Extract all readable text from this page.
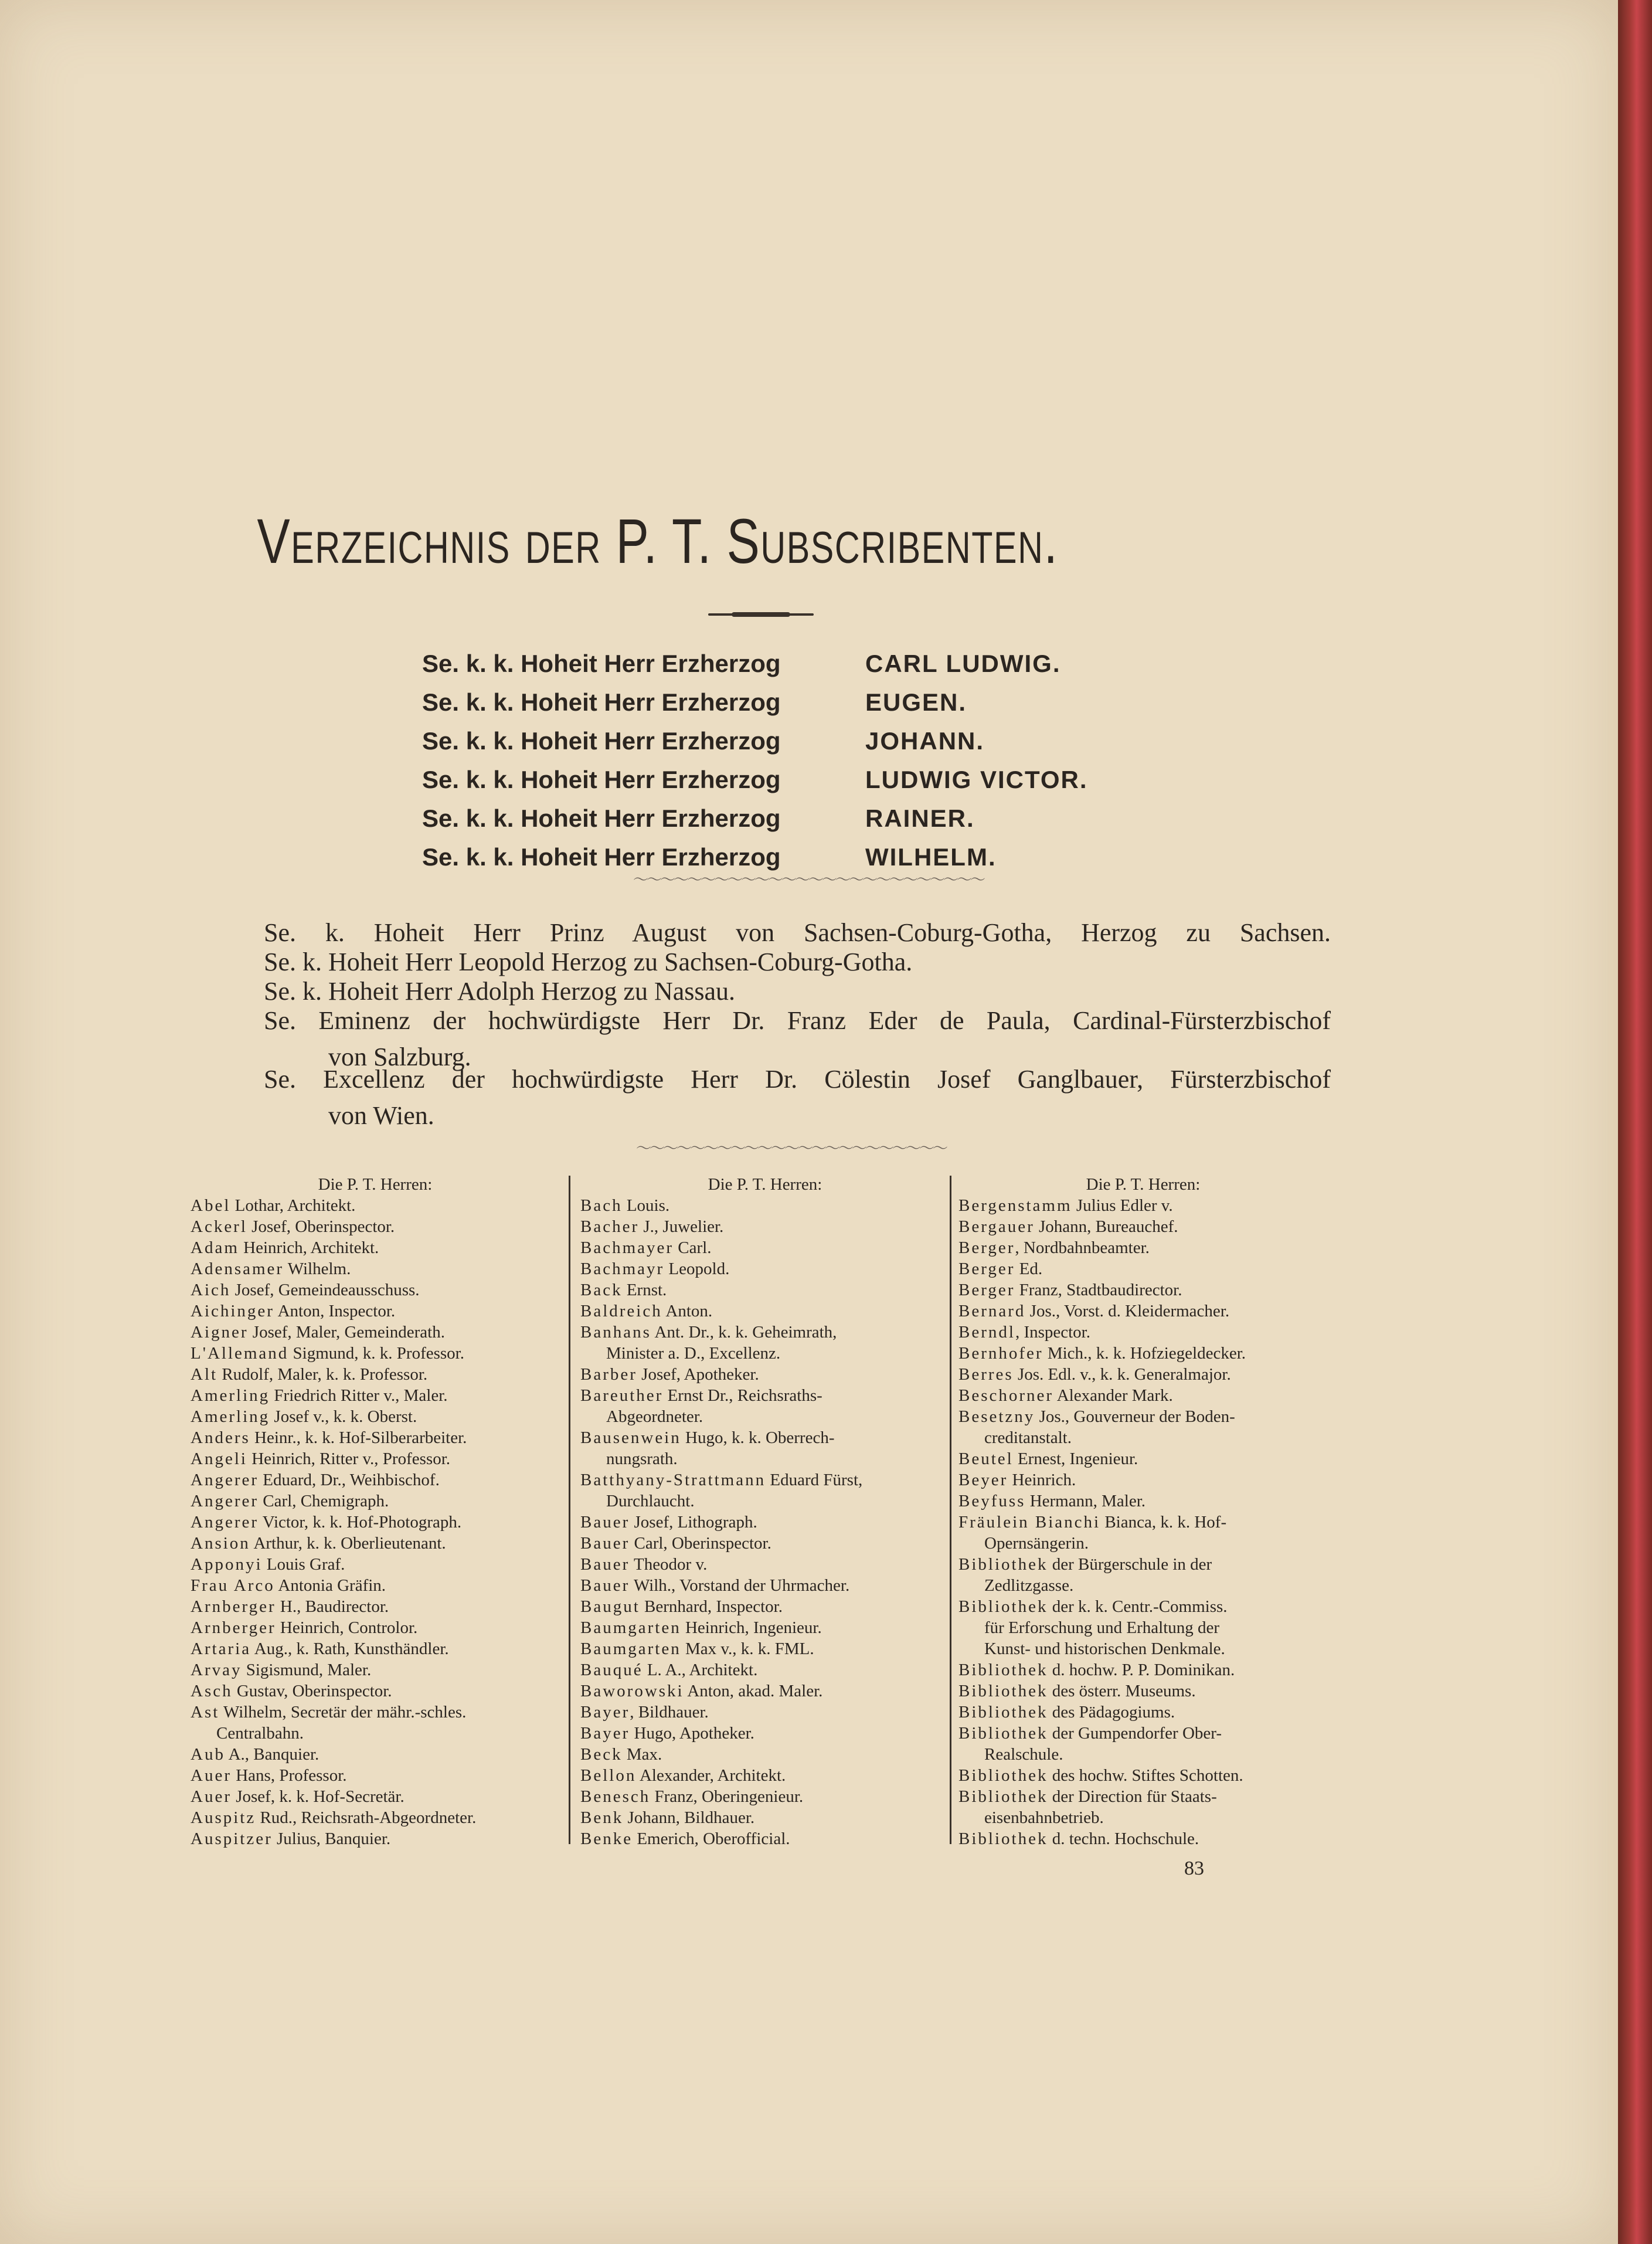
Verzeichnis der P. T. Subscribenten.
Se. k. k. Hoheit Herr Erzherzog	CARL LUDWIG.
Se. k. k. Hoheit Herr Erzherzog	EUGEN.
Se. k. k. Hoheit Herr Erzherzog	JOHANN.
Se. k. k. Hoheit Herr Erzherzog	LUDWIG VICTOR.
Se. k. k. Hoheit Herr Erzherzog	RAINER.
Se. k. k. Hoheit Herr Erzherzog	WILHELM.
〜〜〜〜〜〜〜〜〜〜〜〜〜〜〜〜〜〜〜〜〜〜〜〜〜〜
Se. k. Hoheit Herr Prinz August von Sachsen-Coburg-Gotha, Herzog zu Sachsen.
Se. k. Hoheit Herr Leopold Herzog zu Sachsen-Coburg-Gotha.
Se. k. Hoheit Herr Adolph Herzog zu Nassau.
Se. Eminenz der hochwürdigste Herr Dr. Franz Eder de Paula, Cardinal-Fürsterzbischof
von Salzburg.
Se. Excellenz der hochwürdigste Herr Dr. Cölestin Josef Ganglbauer, Fürsterzbischof
von Wien.
〜〜〜〜〜〜〜〜〜〜〜〜〜〜〜〜〜〜〜〜〜〜〜
Die P. T. Herren:
Abel Lothar, Architekt.
Ackerl Josef, Oberinspector.
Adam Heinrich, Architekt.
Adensamer Wilhelm.
Aich Josef, Gemeindeausschuss.
Aichinger Anton, Inspector.
Aigner Josef, Maler, Gemeinderath.
L'Allemand Sigmund, k. k. Professor.
Alt Rudolf, Maler, k. k. Professor.
Amerling Friedrich Ritter v., Maler.
Amerling Josef v., k. k. Oberst.
Anders Heinr., k. k. Hof-Silberarbeiter.
Angeli Heinrich, Ritter v., Professor.
Angerer Eduard, Dr., Weihbischof.
Angerer Carl, Chemigraph.
Angerer Victor, k. k. Hof-Photograph.
Ansion Arthur, k. k. Oberlieutenant.
Apponyi Louis Graf.
Frau Arco Antonia Gräfin.
Arnberger H., Baudirector.
Arnberger Heinrich, Controlor.
Artaria Aug., k. Rath, Kunsthändler.
Arvay Sigismund, Maler.
Asch Gustav, Oberinspector.
Ast Wilhelm, Secretär der mähr.-schles.
Centralbahn.
Aub A., Banquier.
Auer Hans, Professor.
Auer Josef, k. k. Hof-Secretär.
Auspitz Rud., Reichsrath-Abgeordneter.
Auspitzer Julius, Banquier.
Die P. T. Herren:
Bach Louis.
Bacher J., Juwelier.
Bachmayer Carl.
Bachmayr Leopold.
Back Ernst.
Baldreich Anton.
Banhans Ant. Dr., k. k. Geheimrath,
Minister a. D., Excellenz.
Barber Josef, Apotheker.
Bareuther Ernst Dr., Reichsraths-
Abgeordneter.
Bausenwein Hugo, k. k. Oberrech-
nungsrath.
Batthyany-Strattmann Eduard Fürst,
Durchlaucht.
Bauer Josef, Lithograph.
Bauer Carl, Oberinspector.
Bauer Theodor v.
Bauer Wilh., Vorstand der Uhrmacher.
Baugut Bernhard, Inspector.
Baumgarten Heinrich, Ingenieur.
Baumgarten Max v., k. k. FML.
Bauqué L. A., Architekt.
Baworowski Anton, akad. Maler.
Bayer, Bildhauer.
Bayer Hugo, Apotheker.
Beck Max.
Bellon Alexander, Architekt.
Benesch Franz, Oberingenieur.
Benk Johann, Bildhauer.
Benke Emerich, Oberofficial.
Die P. T. Herren:
Bergenstamm Julius Edler v.
Bergauer Johann, Bureauchef.
Berger, Nordbahnbeamter.
Berger Ed.
Berger Franz, Stadtbaudirector.
Bernard Jos., Vorst. d. Kleidermacher.
Berndl, Inspector.
Bernhofer Mich., k. k. Hofziegeldecker.
Berres Jos. Edl. v., k. k. Generalmajor.
Beschorner Alexander Mark.
Besetzny Jos., Gouverneur der Boden-
creditanstalt.
Beutel Ernest, Ingenieur.
Beyer Heinrich.
Beyfuss Hermann, Maler.
Fräulein Bianchi Bianca, k. k. Hof-
Opernsängerin.
Bibliothek der Bürgerschule in der
Zedlitzgasse.
Bibliothek der k. k. Centr.-Commiss.
für Erforschung und Erhaltung der
Kunst- und historischen Denkmale.
Bibliothek d. hochw. P. P. Dominikan.
Bibliothek des österr. Museums.
Bibliothek des Pädagogiums.
Bibliothek der Gumpendorfer Ober-
Realschule.
Bibliothek des hochw. Stiftes Schotten.
Bibliothek der Direction für Staats-
eisenbahnbetrieb.
Bibliothek d. techn. Hochschule.
83
